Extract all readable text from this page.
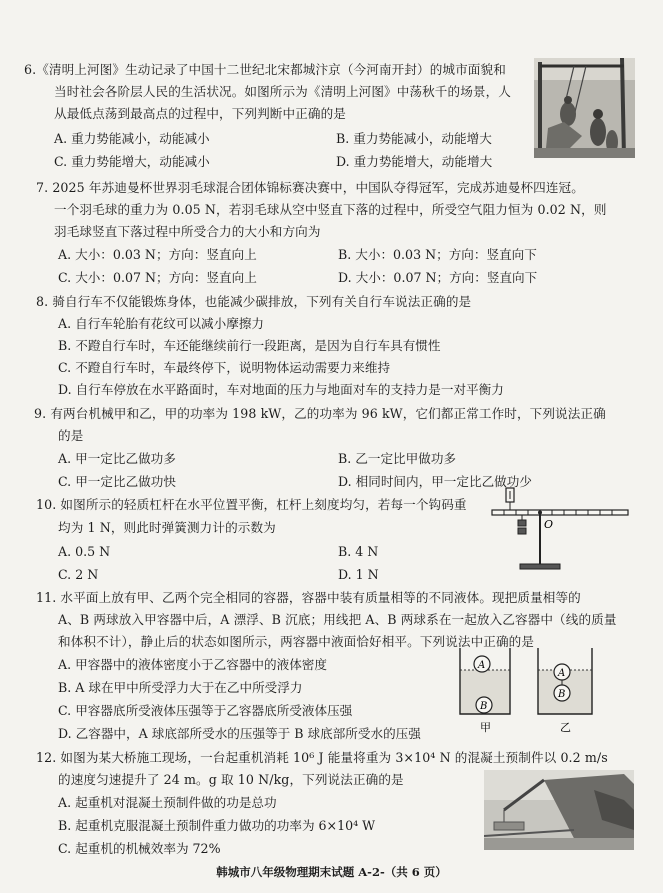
6.《清明上河图》生动记录了中国十二世纪北宋都城汴京（今河南开封）的城市面貌和
当时社会各阶层人民的生活状况。如图所示为《清明上河图》中荡秋千的场景，人
从最低点荡到最高点的过程中，下列判断中正确的是
A. 重力势能减小，动能减小	B. 重力势能减小，动能增大
C. 重力势能增大，动能减小	D. 重力势能增大，动能增大
7. 2025 年苏迪曼杯世界羽毛球混合团体锦标赛决赛中，中国队夺得冠军，完成苏迪曼杯四连冠。
一个羽毛球的重力为 0.05 N，若羽毛球从空中竖直下落的过程中，所受空气阻力恒为 0.02 N，则
羽毛球竖直下落过程中所受合力的大小和方向为
A. 大小：0.03 N；方向：竖直向上	B. 大小：0.03 N；方向：竖直向下
C. 大小：0.07 N；方向：竖直向上	D. 大小：0.07 N；方向：竖直向下
8. 骑自行车不仅能锻炼身体，也能减少碳排放，下列有关自行车说法正确的是
A. 自行车轮胎有花纹可以减小摩擦力
B. 不蹬自行车时，车还能继续前行一段距离，是因为自行车具有惯性
C. 不蹬自行车时，车最终停下，说明物体运动需要力来维持
D. 自行车停放在水平路面时，车对地面的压力与地面对车的支持力是一对平衡力
9. 有两台机械甲和乙，甲的功率为 198 kW，乙的功率为 96 kW，它们都正常工作时，下列说法正确
的是
A. 甲一定比乙做功多	B. 乙一定比甲做功多
C. 甲一定比乙做功快	D. 相同时间内，甲一定比乙做功少
10. 如图所示的轻质杠杆在水平位置平衡，杠杆上刻度均匀，若每一个钩码重
均为 1 N，则此时弹簧测力计的示数为
A. 0.5 N	B. 4 N
C. 2 N	D. 1 N
O
11. 水平面上放有甲、乙两个完全相同的容器，容器中装有质量相等的不同液体。现把质量相等的
A、B 两球放入甲容器中后，A 漂浮、B 沉底；用线把 A、B 两球系在一起放入乙容器中（线的质量
和体积不计），静止后的状态如图所示，两容器中液面恰好相平。下列说法中正确的是
A. 甲容器中的液体密度小于乙容器中的液体密度
B. A 球在甲中所受浮力大于在乙中所受浮力
C. 甲容器底所受液体压强等于乙容器底所受液体压强
D. 乙容器中，A 球底部所受水的压强等于 B 球底部所受水的压强
A
B
A
B
甲	乙
12. 如图为某大桥施工现场，一台起重机消耗 10⁶ J 能量将重为 3×10⁴ N 的混凝土预制件以 0.2 m/s
的速度匀速提升了 24 m。g 取 10 N/kg，下列说法正确的是
A. 起重机对混凝土预制件做的功是总功
B. 起重机克服混凝土预制件重力做功的功率为 6×10⁴ W
C. 起重机的机械效率为 72%
韩城市八年级物理期末试题 A-2-（共 6 页）
